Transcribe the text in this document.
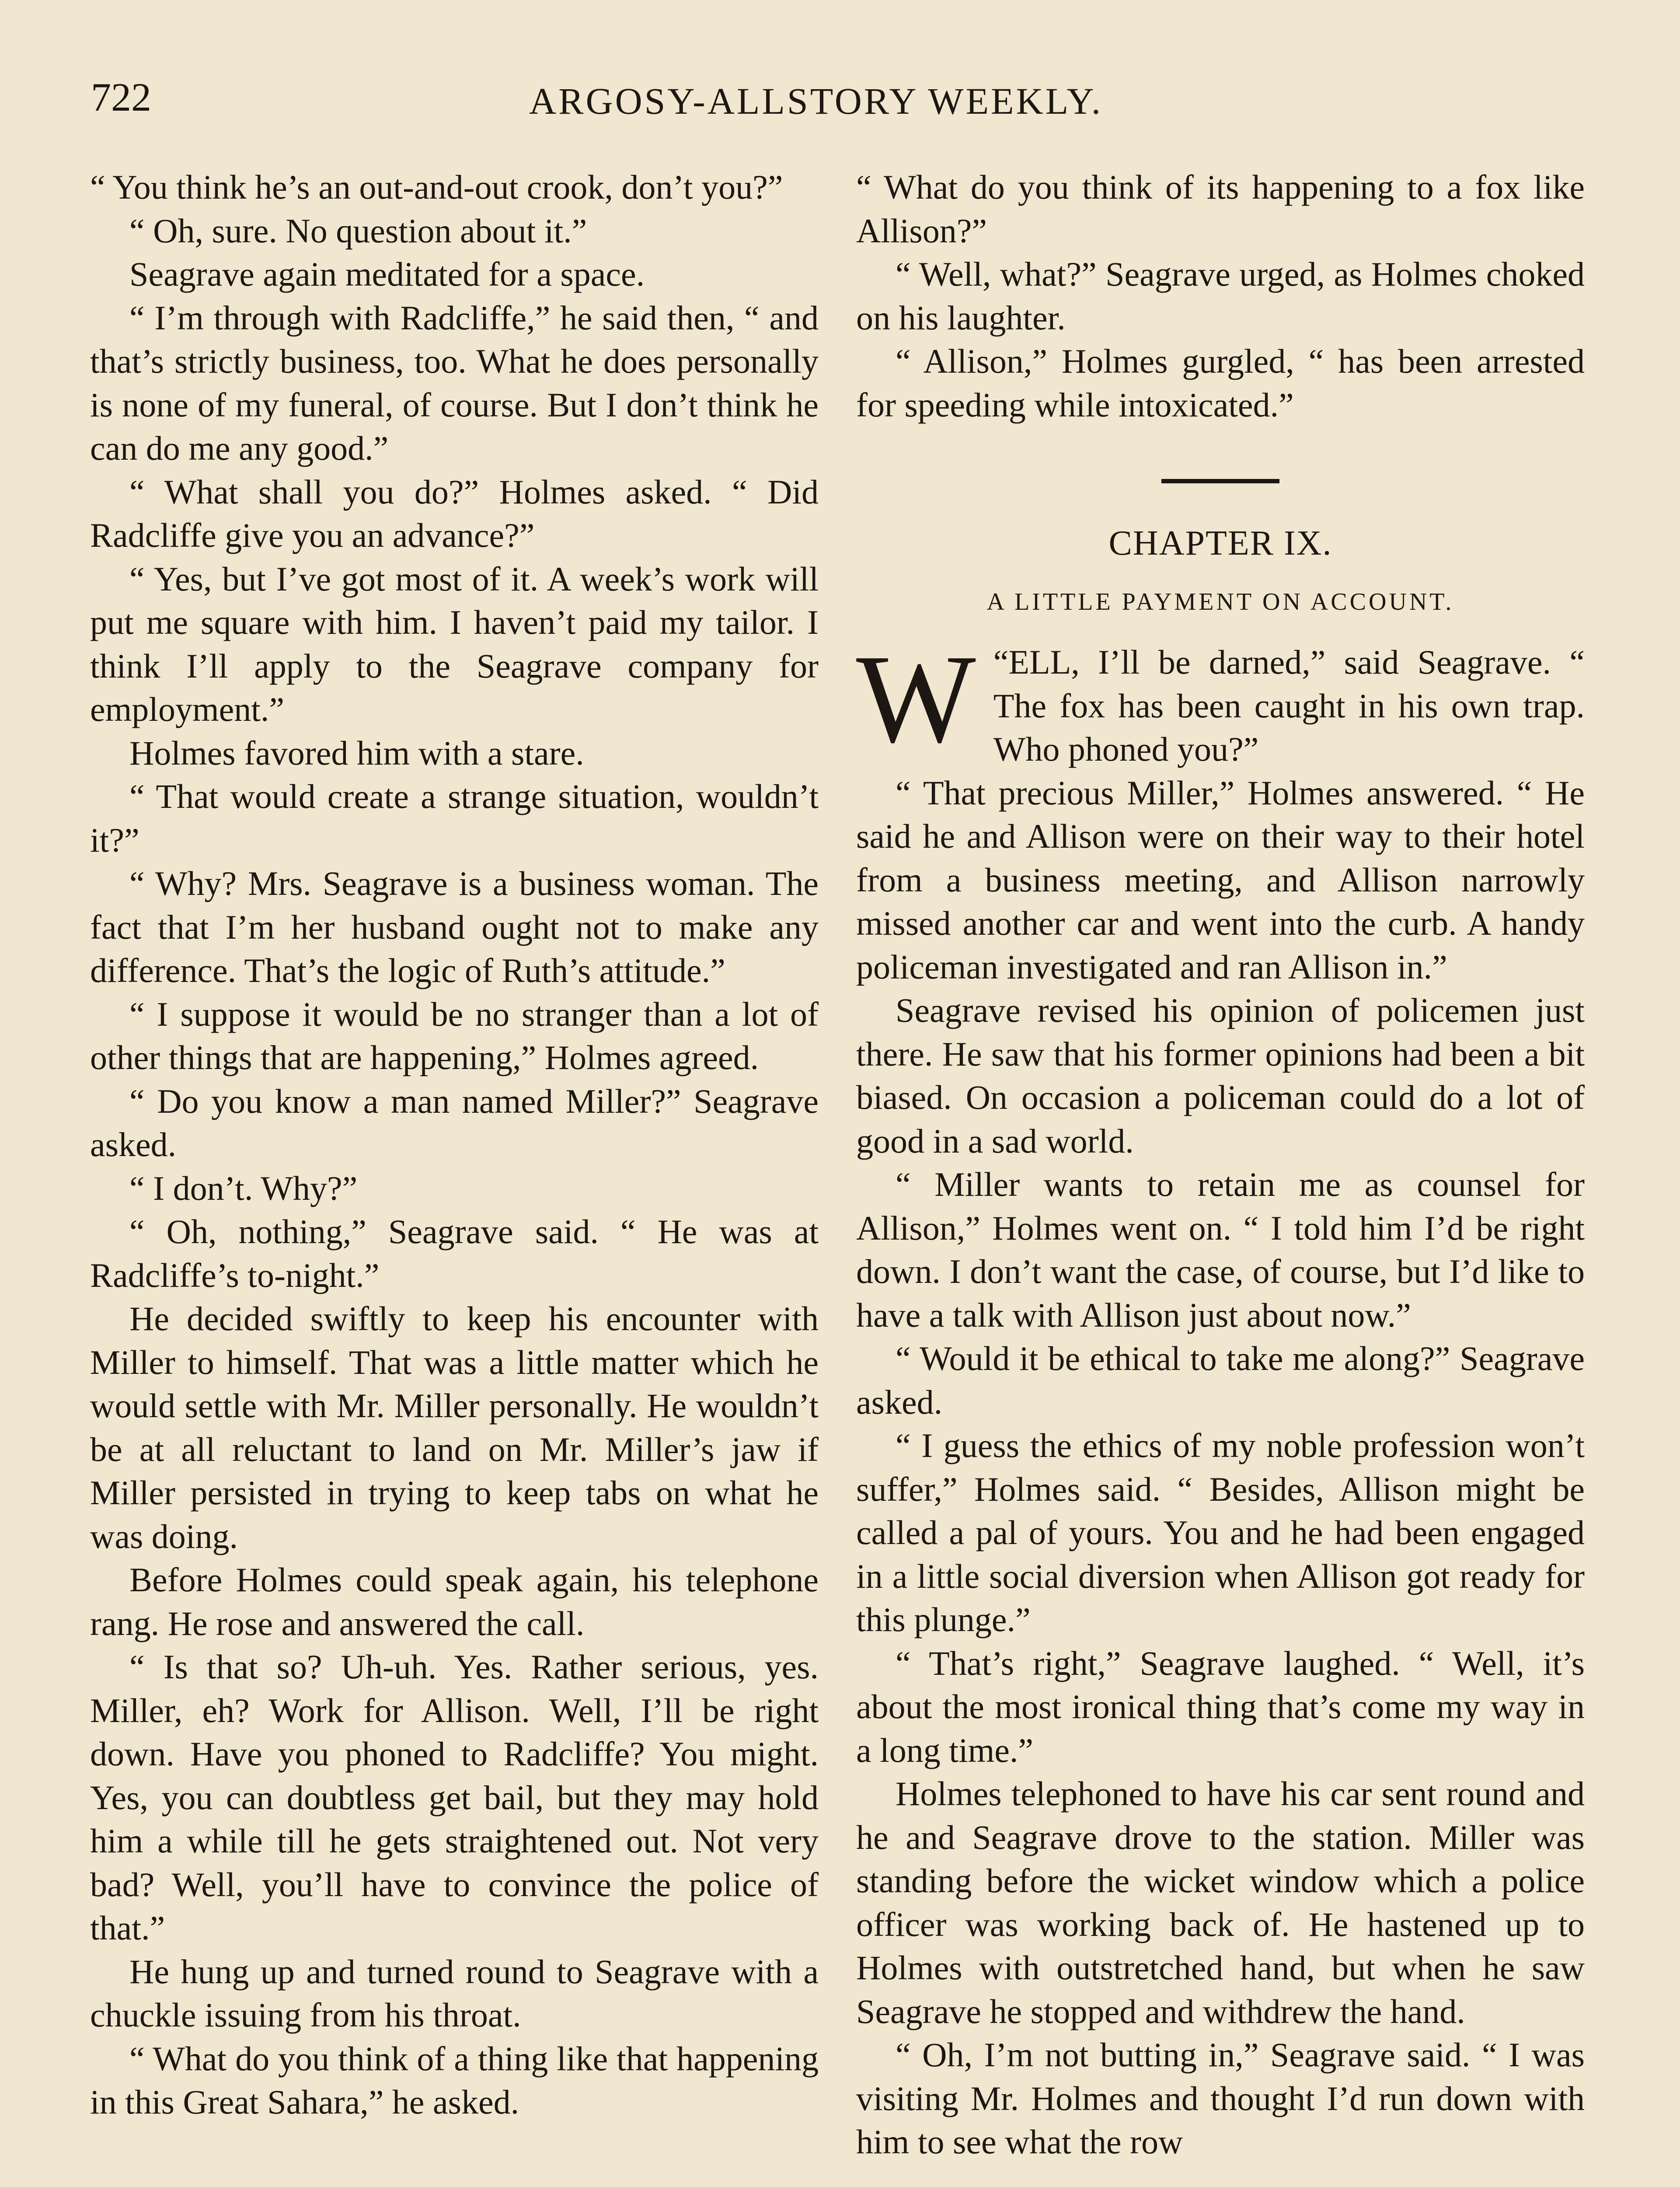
722	ARGOSY-ALLSTORY WEEKLY.

“ You think he’s an out-and-out crook, don’t you?”

“ Oh, sure. No question about it.”

Seagrave again meditated for a space.

“ I’m through with Radcliffe,” he said then, “ and that’s strictly business, too. What he does personally is none of my funeral, of course. But I don’t think he can do me any good.”

“ What shall you do?” Holmes asked. “ Did Radcliffe give you an advance?”

“ Yes, but I’ve got most of it. A week’s work will put me square with him. I haven’t paid my tailor. I think I’ll apply to the Seagrave company for employment.”

Holmes favored him with a stare.

“ That would create a strange situation, wouldn’t it?”

“ Why? Mrs. Seagrave is a business woman. The fact that I’m her husband ought not to make any difference. That’s the logic of Ruth’s attitude.”

“ I suppose it would be no stranger than a lot of other things that are happening,” Holmes agreed.

“ Do you know a man named Miller?” Seagrave asked.

“ I don’t. Why?”

“ Oh, nothing,” Seagrave said. “ He was at Radcliffe’s to-night.”

He decided swiftly to keep his encounter with Miller to himself. That was a little matter which he would settle with Mr. Miller personally. He wouldn’t be at all reluctant to land on Mr. Miller’s jaw if Miller persisted in trying to keep tabs on what he was doing.

Before Holmes could speak again, his telephone rang. He rose and answered the call.

“ Is that so? Uh-uh. Yes. Rather serious, yes. Miller, eh? Work for Allison. Well, I’ll be right down. Have you phoned to Radcliffe? You might. Yes, you can doubtless get bail, but they may hold him a while till he gets straightened out. Not very bad? Well, you’ll have to convince the police of that.”

He hung up and turned round to Seagrave with a chuckle issuing from his throat.

“ What do you think of a thing like that happening in this Great Sahara,” he asked.

“ What do you think of its happening to a fox like Allison?”

“ Well, what?” Seagrave urged, as Holmes choked on his laughter.

“ Allison,” Holmes gurgled, “ has been arrested for speeding while intoxicated.”

CHAPTER IX.
A LITTLE PAYMENT ON ACCOUNT.

“
W ELL, I’ll be darned,” said Seagrave. “ The fox has been caught in his own trap. Who phoned you?”

“ That precious Miller,” Holmes answered. “ He said he and Allison were on their way to their hotel from a business meeting, and Allison narrowly missed another car and went into the curb. A handy policeman investigated and ran Allison in.”

Seagrave revised his opinion of policemen just there. He saw that his former opinions had been a bit biased. On occasion a policeman could do a lot of good in a sad world.

“ Miller wants to retain me as counsel for Allison,” Holmes went on. “ I told him I’d be right down. I don’t want the case, of course, but I’d like to have a talk with Allison just about now.”

“ Would it be ethical to take me along?” Seagrave asked.

“ I guess the ethics of my noble profession won’t suffer,” Holmes said. “ Besides, Allison might be called a pal of yours. You and he had been engaged in a little social diversion when Allison got ready for this plunge.”

“ That’s right,” Seagrave laughed. “ Well, it’s about the most ironical thing that’s come my way in a long time.”

Holmes telephoned to have his car sent round and he and Seagrave drove to the station. Miller was standing before the wicket window which a police officer was working back of. He hastened up to Holmes with outstretched hand, but when he saw Seagrave he stopped and withdrew the hand.

“ Oh, I’m not butting in,” Seagrave said. “ I was visiting Mr. Holmes and thought I’d run down with him to see what the row
